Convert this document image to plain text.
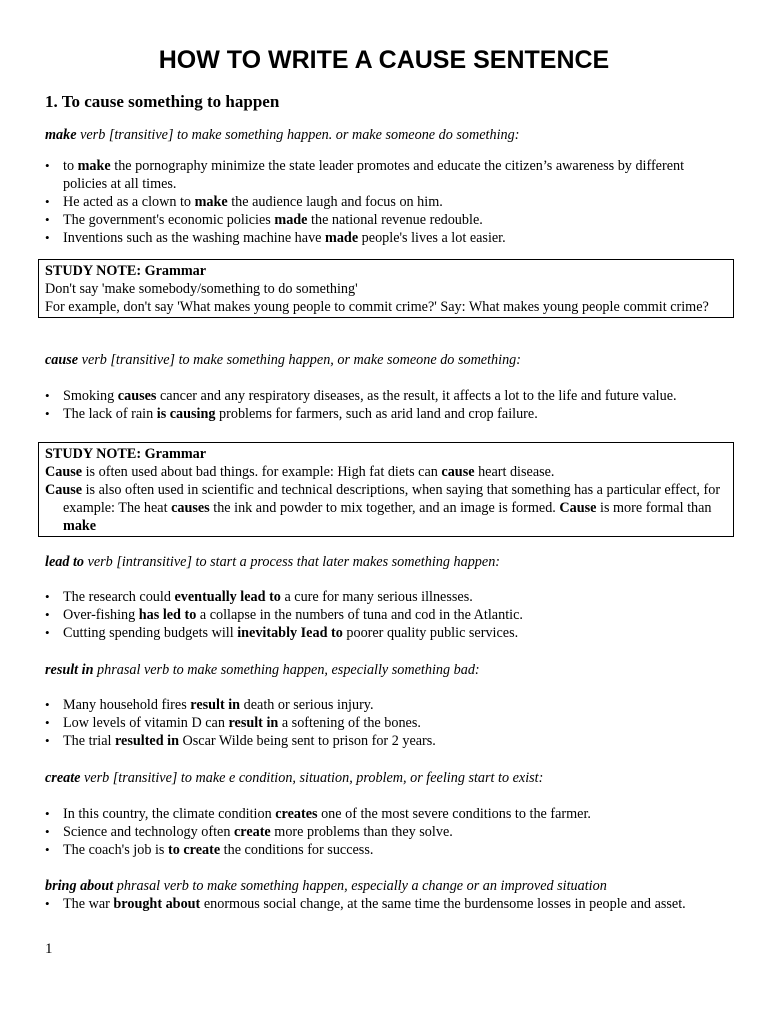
HOW TO WRITE A CAUSE SENTENCE
1. To cause something to happen
make verb [transitive] to make something happen. or make someone do something:
• to make the pornography minimize the state leader promotes and educate the citizen’s awareness by different policies at all times.
• He acted as a clown to make the audience laugh and focus on him.
• The government's economic policies made the national revenue redouble.
• Inventions such as the washing machine have made people's lives a lot easier.
STUDY NOTE: Grammar
Don't say 'make somebody/something to do something'
For example, don't say 'What makes young people to commit crime?' Say: What makes young people commit crime?
cause verb [transitive] to make something happen, or make someone do something:
• Smoking causes cancer and any respiratory diseases, as the result, it affects a lot to the life and future value.
• The lack of rain is causing problems for farmers, such as arid land and crop failure.
STUDY NOTE: Grammar
Cause is often used about bad things. for example: High fat diets can cause heart disease.
Cause is also often used in scientific and technical descriptions, when saying that something has a particular effect, for example: The heat causes the ink and powder to mix together, and an image is formed. Cause is more formal than make
lead to verb [intransitive] to start a process that later makes something happen:
• The research could eventually lead to a cure for many serious illnesses.
• Over-fishing has led to a collapse in the numbers of tuna and cod in the Atlantic.
• Cutting spending budgets will inevitably Iead to poorer quality public services.
result in phrasal verb to make something happen, especially something bad:
• Many household fires result in death or serious injury.
• Low levels of vitamin D can result in a softening of the bones.
• The trial resulted in Oscar Wilde being sent to prison for 2 years.
create verb [transitive] to make e condition, situation, problem, or feeling start to exist:
• In this country, the climate condition creates one of the most severe conditions to the farmer.
• Science and technology often create more problems than they solve.
• The coach's job is to create the conditions for success.
bring about phrasal verb to make something happen, especially a change or an improved situation
• The war brought about enormous social change, at the same time the burdensome losses in people and asset.
1
